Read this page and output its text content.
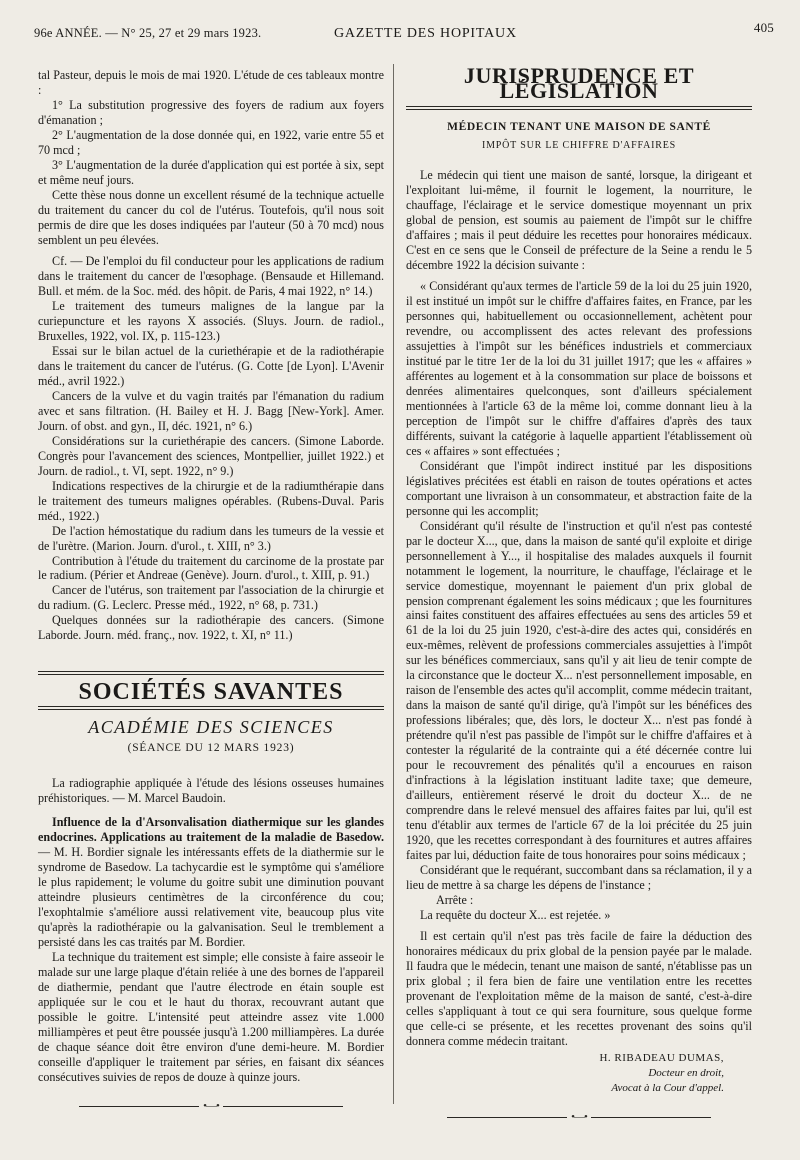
96e ANNÉE. — N° 25, 27 et 29 mars 1923.	GAZETTE DES HOPITAUX	405

tal Pasteur, depuis le mois de mai 1920. L'étude de ces tableaux montre :

1° La substitution progressive des foyers de radium aux foyers d'émanation ;

2° L'augmentation de la dose donnée qui, en 1922, varie entre 55 et 70 mcd ;

3° L'augmentation de la durée d'application qui est portée à six, sept et même neuf jours.

Cette thèse nous donne un excellent résumé de la technique actuelle du traitement du cancer du col de l'utérus. Toutefois, qu'il nous soit permis de dire que les doses indiquées par l'auteur (50 à 70 mcd) nous semblent un peu élevées.

Cf. — De l'emploi du fil conducteur pour les applications de radium dans le traitement du cancer de l'œsophage. (Bensaude et Hillemand. Bull. et mém. de la Soc. méd. des hôpit. de Paris, 4 mai 1922, n° 14.)

Le traitement des tumeurs malignes de la langue par la curiepuncture et les rayons X associés. (Sluys. Journ. de radiol., Bruxelles, 1922, vol. IX, p. 115-123.)

Essai sur le bilan actuel de la curiethérapie et de la radiothérapie dans le traitement du cancer de l'utérus. (G. Cotte [de Lyon]. L'Avenir méd., avril 1922.)

Cancers de la vulve et du vagin traités par l'émanation du radium avec et sans filtration. (H. Bailey et H. J. Bagg [New-York]. Amer. Journ. of obst. and gyn., II, déc. 1921, n° 6.)

Considérations sur la curiethérapie des cancers. (Simone Laborde. Congrès pour l'avancement des sciences, Montpellier, juillet 1922.) et Journ. de radiol., t. VI, sept. 1922, n° 9.)

Indications respectives de la chirurgie et de la radiumthérapie dans le traitement des tumeurs malignes opérables. (Rubens-Duval. Paris méd., 1922.)

De l'action hémostatique du radium dans les tumeurs de la vessie et de l'urètre. (Marion. Journ. d'urol., t. XIII, n° 3.)

Contribution à l'étude du traitement du carcinome de la prostate par le radium. (Périer et Andreae (Genève). Journ. d'urol., t. XIII, p. 91.)

Cancer de l'utérus, son traitement par l'association de la chirurgie et du radium. (G. Leclerc. Presse méd., 1922, n° 68, p. 731.)

Quelques données sur la radiothérapie des cancers. (Simone Laborde. Journ. méd. franç., nov. 1922, t. XI, n° 11.)

SOCIÉTÉS SAVANTES
ACADÉMIE DES SCIENCES
(SÉANCE DU 12 MARS 1923)

La radiographie appliquée à l'étude des lésions osseuses humaines préhistoriques. — M. Marcel Baudoin.

Influence de la d'Arsonvalisation diathermique sur les glandes endocrines. Applications au traitement de la maladie de Basedow. — M. H. Bordier signale les intéressants effets de la diathermie sur le syndrome de Basedow. La tachycardie est le symptôme qui s'améliore le plus rapidement; le volume du goitre subit une diminution pouvant atteindre plusieurs centimètres de la circonférence du cou; l'exophtalmie s'améliore aussi relativement vite, beaucoup plus vite qu'après la radiothérapie ou la galvanisation. Seul le tremblement a persisté dans les cas traités par M. Bordier.

La technique du traitement est simple; elle consiste à faire asseoir le malade sur une large plaque d'étain reliée à une des bornes de l'appareil de diathermie, pendant que l'autre électrode en étain souple est appliquée sur le cou et le haut du thorax, recouvrant autant que possible le goitre. L'intensité peut atteindre assez vite 1.000 milliampères et peut être poussée jusqu'à 1.200 milliampères. La durée de chaque séance doit être environ d'une demi-heure. M. Bordier conseille d'appliquer le traitement par séries, en faisant dix séances consécutives suivies de repos de douze à quinze jours.

•—•
JURISPRUDENCE ET LÉGISLATION
MÉDECIN TENANT UNE MAISON DE SANTÉ
IMPÔT SUR LE CHIFFRE D'AFFAIRES

Le médecin qui tient une maison de santé, lorsque, la dirigeant et l'exploitant lui-même, il fournit le logement, la nourriture, le chauffage, l'éclairage et le service domestique moyennant un prix global de pension, est soumis au paiement de l'impôt sur le chiffre d'affaires ; mais il peut déduire les recettes pour honoraires médicaux. C'est en ce sens que le Conseil de préfecture de la Seine a rendu le 5 décembre 1922 la décision suivante :

« Considérant qu'aux termes de l'article 59 de la loi du 25 juin 1920, il est institué un impôt sur le chiffre d'affaires faites, en France, par les personnes qui, habituellement ou occasionnellement, achètent pour revendre, ou accomplissent des actes relevant des professions assujetties à l'impôt sur les bénéfices industriels et commerciaux institué par le titre 1er de la loi du 31 juillet 1917; que les « affaires » afférentes au logement et à la consommation sur place de boissons et denrées alimentaires quelconques, sont d'ailleurs spécialement mentionnées à l'article 63 de la même loi, comme donnant lieu à la perception de l'impôt sur le chiffre d'affaires d'après des taux différents, suivant la catégorie à laquelle appartient l'établissement où ces « affaires » sont effectuées ;

Considérant que l'impôt indirect institué par les dispositions législatives précitées est établi en raison de toutes opérations et actes comportant une livraison à un consommateur, et abstraction faite de la personne qui les accomplit;

Considérant qu'il résulte de l'instruction et qu'il n'est pas contesté par le docteur X..., que, dans la maison de santé qu'il exploite et dirige personnellement à Y..., il hospitalise des malades auxquels il fournit notamment le logement, la nourriture, le chauffage, l'éclairage et le service domestique, moyennant le paiement d'un prix global de pension comprenant également les soins médicaux ; que les fournitures ainsi faites constituent des affaires effectuées au sens des articles 59 et 61 de la loi du 25 juin 1920, c'est-à-dire des actes qui, considérés en eux-mêmes, relèvent de professions commerciales assujetties à l'impôt sur les bénéfices commerciaux, sans qu'il y ait lieu de tenir compte de la circonstance que le docteur X... n'est personnellement imposable, en raison de l'ensemble des actes qu'il accomplit, comme médecin traitant, dans la maison de santé qu'il dirige, qu'à l'impôt sur les bénéfices des professions libérales; que, dès lors, le docteur X... n'est pas fondé à prétendre qu'il n'est pas passible de l'impôt sur le chiffre d'affaires et à contester la régularité de la contrainte qui a été décernée contre lui pour le recouvrement des pénalités qu'il a encourues en raison d'infractions à la législation instituant ladite taxe; que demeure, d'ailleurs, entièrement réservé le droit du docteur X... de ne comprendre dans le relevé mensuel des affaires faites par lui, qu'il est tenu d'établir aux termes de l'article 67 de la loi précitée du 25 juin 1920, que les recettes correspondant à des fournitures et autres affaires faites par lui, déduction faite de tous honoraires pour soins médicaux ;

Considérant que le requérant, succombant dans sa réclamation, il y a lieu de mettre à sa charge les dépens de l'instance ;

Arrête :

La requête du docteur X... est rejetée. »

Il est certain qu'il n'est pas très facile de faire la déduction des honoraires médicaux du prix global de la pension payée par le malade. Il faudra que le médecin, tenant une maison de santé, n'établisse pas un prix global ; il fera bien de faire une ventilation entre les recettes provenant de l'exploitation même de la maison de santé, c'est-à-dire celles s'appliquant à tout ce qui sera fourniture, sous quelque forme que celle-ci se présente, et les recettes provenant des soins qu'il donnera comme médecin traitant.

H. RIBADEAU DUMAS,
Docteur en droit,
Avocat à la Cour d'appel.
•—•
